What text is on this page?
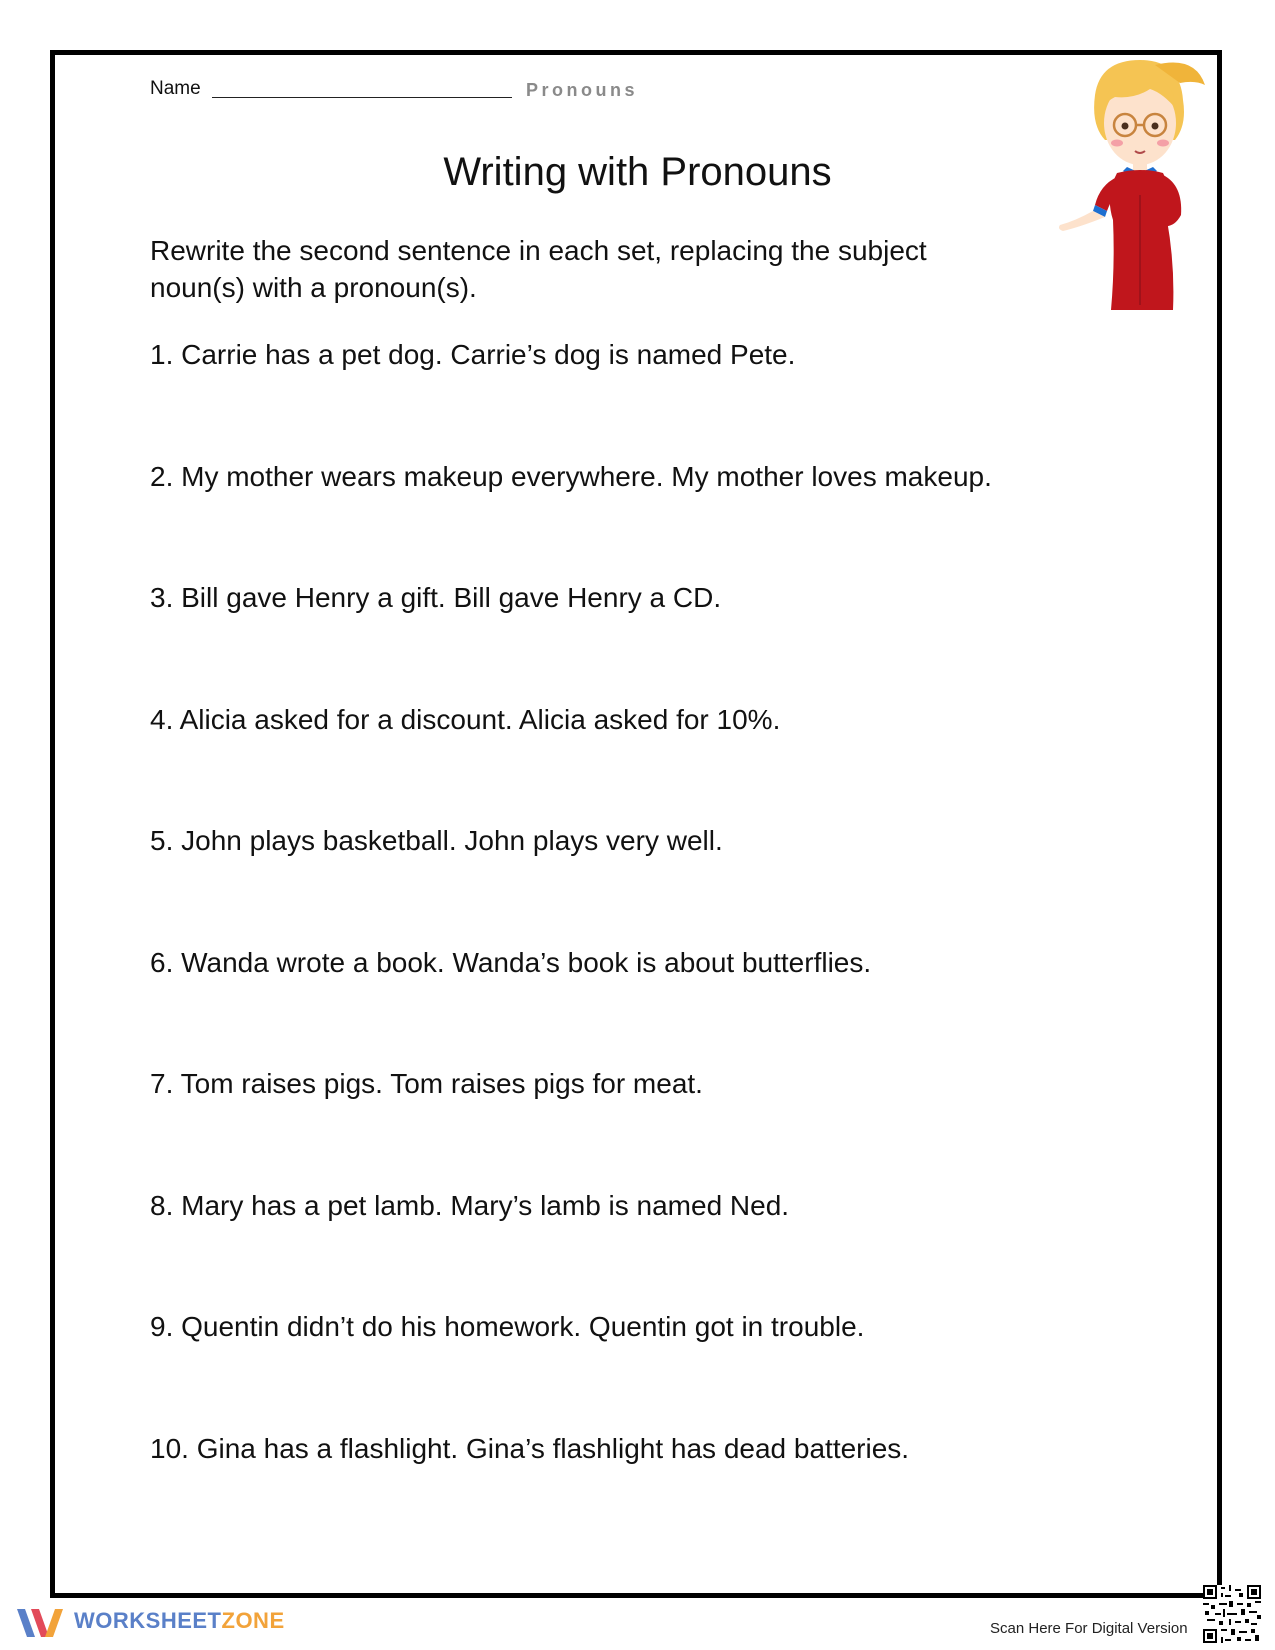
Name	Pronouns
Writing with Pronouns
Rewrite the second sentence in each set, replacing the subject noun(s) with a pronoun(s).
1. Carrie has a pet dog. Carrie’s dog is named Pete.
2. My mother wears makeup everywhere. My mother loves makeup.
3. Bill gave Henry a gift. Bill gave Henry a CD.
4. Alicia asked for a discount. Alicia asked for 10%.
5. John plays basketball. John plays very well.
6. Wanda wrote a book. Wanda’s book is about butterflies.
7. Tom raises pigs. Tom raises pigs for meat.
8. Mary has a pet lamb. Mary’s lamb is named Ned.
9. Quentin didn’t do his homework. Quentin got in trouble.
10. Gina has a flashlight. Gina’s flashlight has dead batteries.
WORKSHEETZONE	Scan Here For Digital Version
